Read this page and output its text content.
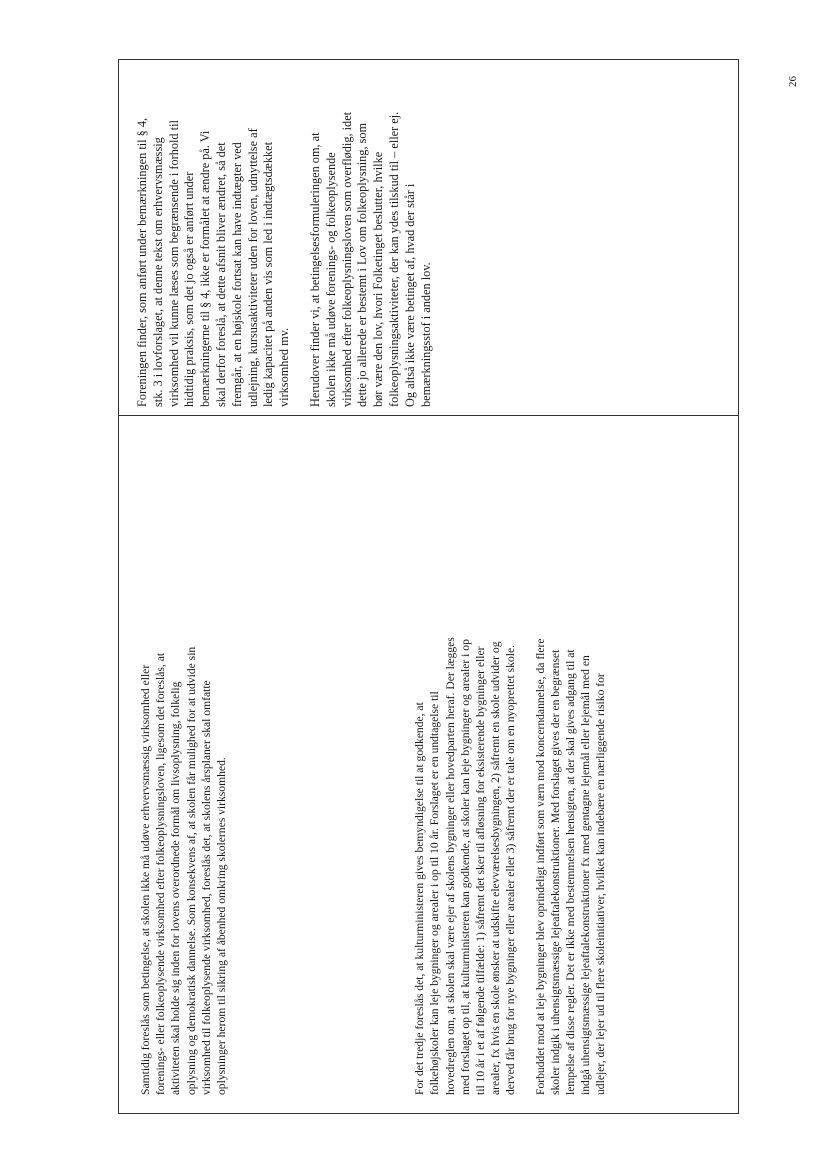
Samtidig foreslås som betingelse, at skolen ikke må udøve erhvervsmæssig virksomhed eller
forenings- eller folkeoplysende virksomhed efter folkeoplysningsloven, ligesom det foreslås, at
aktiviteten skal holde sig inden for lovens overordnede formål om livsoplysning, folkelig
oplysning og demokratisk dannelse. Som konsekvens af, at skolen får mulighed for at udvide sin
virksomhed til folkeoplysende virksomhed, foreslås det, at skolens årsplaner skal omfatte
oplysninger herom til sikring af åbenhed omkring skolernes virksomhed.

For det tredje foreslås det, at kulturministeren gives bemyndigelse til at godkende, at
folkehøjskoler kan leje bygninger og arealer i op til 10 år. Forslaget er en undtagelse til
hovedreglen om, at skolen skal være ejer af skolens bygninger eller hovedparten heraf. Der lægges
med forslaget op til, at kulturministeren kan godkende, at skoler kan leje bygninger og arealer i op
til 10 år i et af følgende tilfælde: 1) såfremt det sker til afløsning for eksisterende bygninger eller
arealer, fx hvis en skole ønsker at udskifte elevværelsesbygningen, 2) såfremt en skole udvider og
derved får brug for nye bygninger eller arealer eller 3) såfremt der er tale om en nyoprettet skole.

Forbuddet mod at leje bygninger blev oprindeligt indført som værn mod koncerndannelse, da flere
skoler indgik i uhensigtsmæssige lejeaftalekonstruktioner. Med forslaget gives der en begrænset
lempelse af disse regler. Det er ikke med bestemmelsen hensigten, at der skal gives adgang til at
indgå uhensigtsmæssige lejeaftalekonstruktioner fx med gentagne lejemål eller lejemål med en
udlejer, der lejer ud til flere skoleinitiativer, hvilket kan indebære en nærliggende risiko for

Foreningen finder, som anført under bemærkningen til § 4,
stk. 3 i lovforslaget, at denne tekst om erhvervsmæssig
virksomhed vil kunne læses som begrænsende i forhold til
hidtidig praksis, som det jo også er anført under
bemærkningerne til § 4, ikke er formålet at ændre på. Vi
skal derfor foreslå, at dette afsnit bliver ændret, så det
fremgår, at en højskole fortsat kan have indtægter ved
udlejning, kursusaktiviteter uden for loven, udnyttelse af
ledig kapacitet på anden vis som led i indtægtsdækket
virksomhed mv.

Herudover finder vi, at betingelsesformuleringen om, at
skolen ikke må udøve forenings- og folkeoplysende
virksomhed efter folkeoplysningsloven som overflødig, idet
dette jo allerede er bestemt i Lov om folkeoplysning, som
bør være den lov, hvori Folketinget beslutter, hvilke
folkeoplysningsaktiviteter, der kan ydes tilskud til – eller ej.
Og altså ikke være betinget af, hvad der står i
bemærkningsstof i anden lov.

26
